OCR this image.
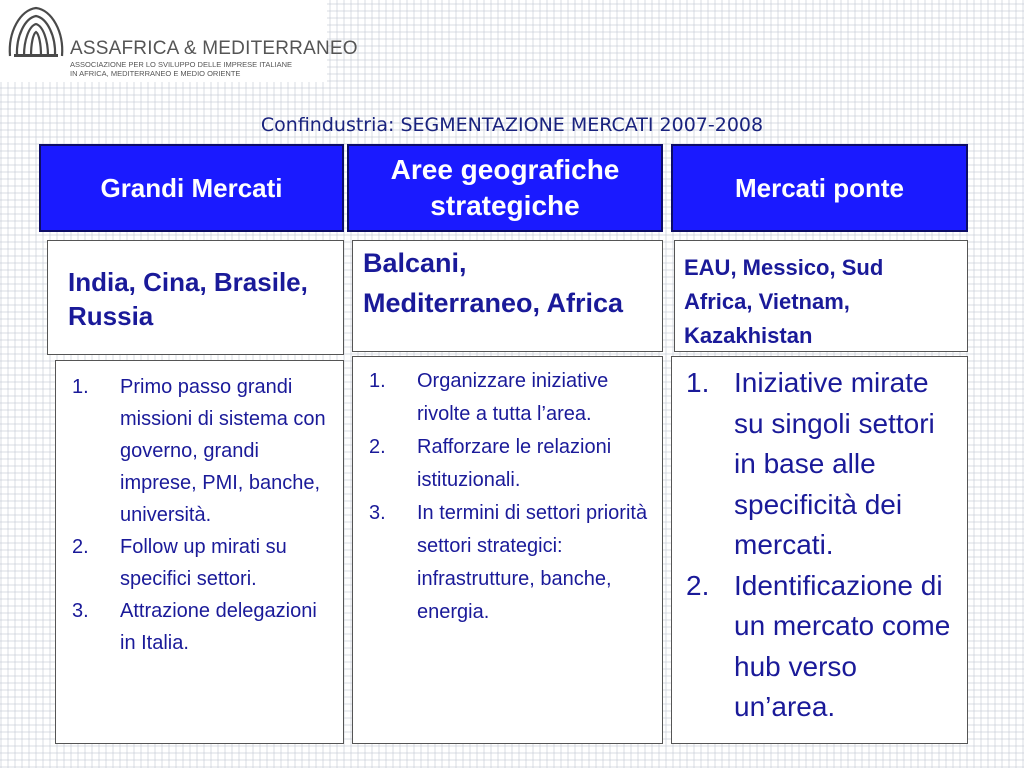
ASSAFRICA & MEDITERRANEO
ASSOCIAZIONE PER LO SVILUPPO DELLE IMPRESE ITALIANE
IN AFRICA, MEDITERRANEO E MEDIO ORIENTE
Confindustria: SEGMENTAZIONE MERCATI 2007-2008
Grandi Mercati
India, Cina, Brasile, Russia
1. Primo passo grandi missioni di sistema con governo, grandi imprese, PMI, banche, università.
2. Follow up mirati su specifici settori.
3. Attrazione delegazioni in Italia.
Aree geografiche strategiche
Balcani, Mediterraneo, Africa
1. Organizzare iniziative rivolte a tutta l’area.
2. Rafforzare le relazioni istituzionali.
3. In termini di settori priorità settori strategici: infrastrutture, banche, energia.
Mercati ponte
EAU, Messico, Sud Africa, Vietnam, Kazakhistan
1. Iniziative mirate su singoli settori in base alle specificità dei mercati.
2. Identificazione di un mercato come hub verso un’area.
